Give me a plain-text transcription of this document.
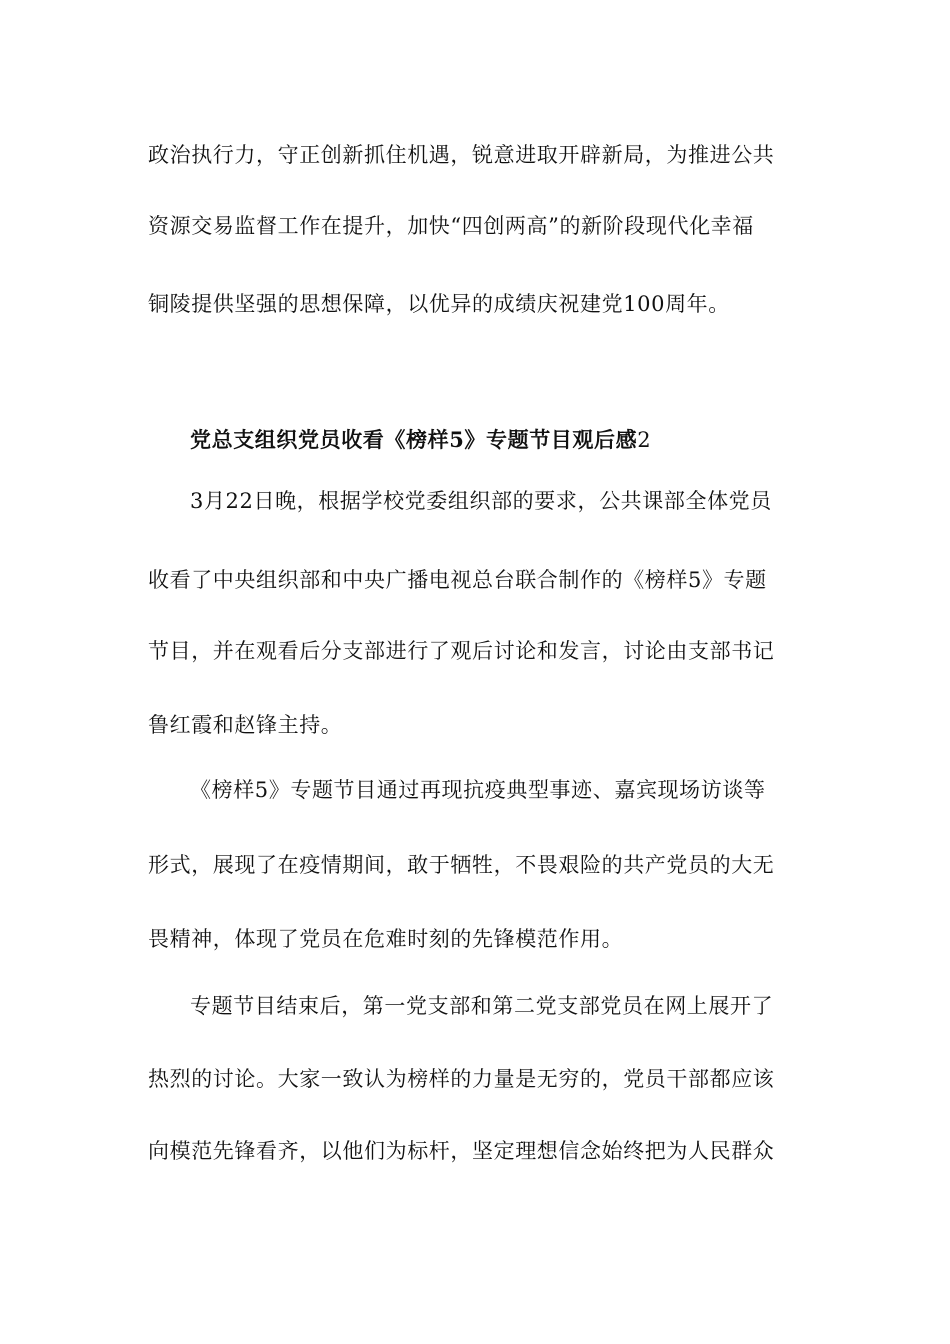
政治执行力，守正创新抓住机遇，锐意进取开辟新局，为推进公共
资源交易监督工作在提升，加快“四创两高”的新阶段现代化幸福
铜陵提供坚强的思想保障，以优异的成绩庆祝建党100周年。
党总支组织党员收看《榜样5》专题节目观后感2
3月22日晚，根据学校党委组织部的要求，公共课部全体党员
收看了中央组织部和中央广播电视总台联合制作的《榜样5》专题
节目，并在观看后分支部进行了观后讨论和发言，讨论由支部书记
鲁红霞和赵锋主持。
《榜样5》专题节目通过再现抗疫典型事迹、嘉宾现场访谈等
形式，展现了在疫情期间，敢于牺牲，不畏艰险的共产党员的大无
畏精神，体现了党员在危难时刻的先锋模范作用。
专题节目结束后，第一党支部和第二党支部党员在网上展开了
热烈的讨论。大家一致认为榜样的力量是无穷的，党员干部都应该
向模范先锋看齐，以他们为标杆，坚定理想信念始终把为人民群众
